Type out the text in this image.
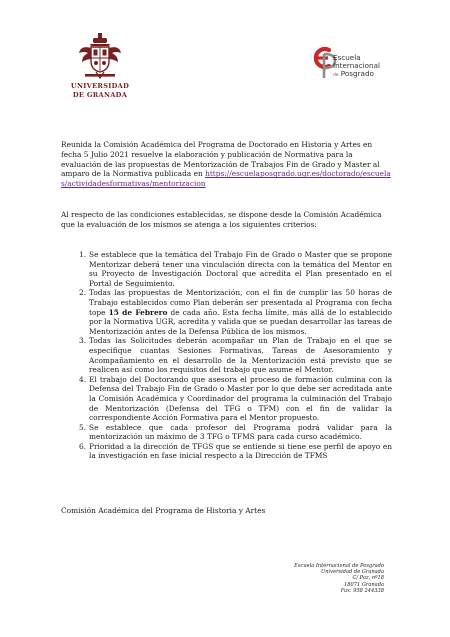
UNIVERSIDAD
DE GRANADA
Escuela
Internacional
de Posgrado
Reunida la Comisión Académica del Programa de Doctorado en Historia y Artes en fecha 5 Julio 2021 resuelve la elaboración y publicación de Normativa para la evaluación de las propuestas de Mentorización de Trabajos Fin de Grado y Master al amparo de la Normativa publicada en https://escuelaposgrado.ugr.es/doctorado/escuelas/actividadesformativas/mentorizacion
Al respecto de las condiciones establecidas, se dispone desde la Comisión Académica que la evaluación de los mismos se atenga a los siguientes criterios:
1. Se establece que la temática del Trabajo Fin de Grado o Master que se propone Mentorizar deberá tener una vinculación directa con la temática del Mentor en su Proyecto de Investigación Doctoral que acredita el Plan presentado en el Portal de Seguimiento.
2. Todas las propuestas de Mentorización, con el fin de cumplir las 50 horas de Trabajo establecidos como Plan deberán ser presentada al Programa con fecha tope 15 de Febrero de cada año. Esta fecha límite, más allá de lo establecido por la Normativa UGR, acredita y valida que se puedan desarrollar las tareas de Mentorización antes de la Defensa Pública de los mismos.
3. Todas las Solicitudes deberán acompañar un Plan de Trabajo en el que se especifique cuantas Sesiones Formativas, Tareas de Asesoramiento y Acompañamiento en el desarrollo de la Mentorización está previsto que se realicen así como los requisitos del trabajo que asume el Mentor.
4. El trabajo del Doctorando que asesora el proceso de formación culmina con la Defensa del Trabajo Fin de Grado o Master por lo que debe ser acreditada ante la Comisión Académica y Coordinador del programa la culminación del Trabajo de Mentorización (Defensa del TFG o TFM) con el fin de validar la correspondiente Acción Formativa para el Mentor propuesto.
5. Se establece que cada profesor del Programa podrá validar para la mentorización un máximo de 3 TFG o TFMS para cada curso académico.
6. Prioridad a la dirección de TFGS que se entiende si tiene ese perfil de apoyo en la investigación en fase inicial respecto a la Dirección de TFMS
Comisión Académica del Programa de Historia y Artes
Escuela Internacional de Posgrado
Universidad de Granada
C/ Paz, nº18
18071 Granada
Fax: 958 244338
